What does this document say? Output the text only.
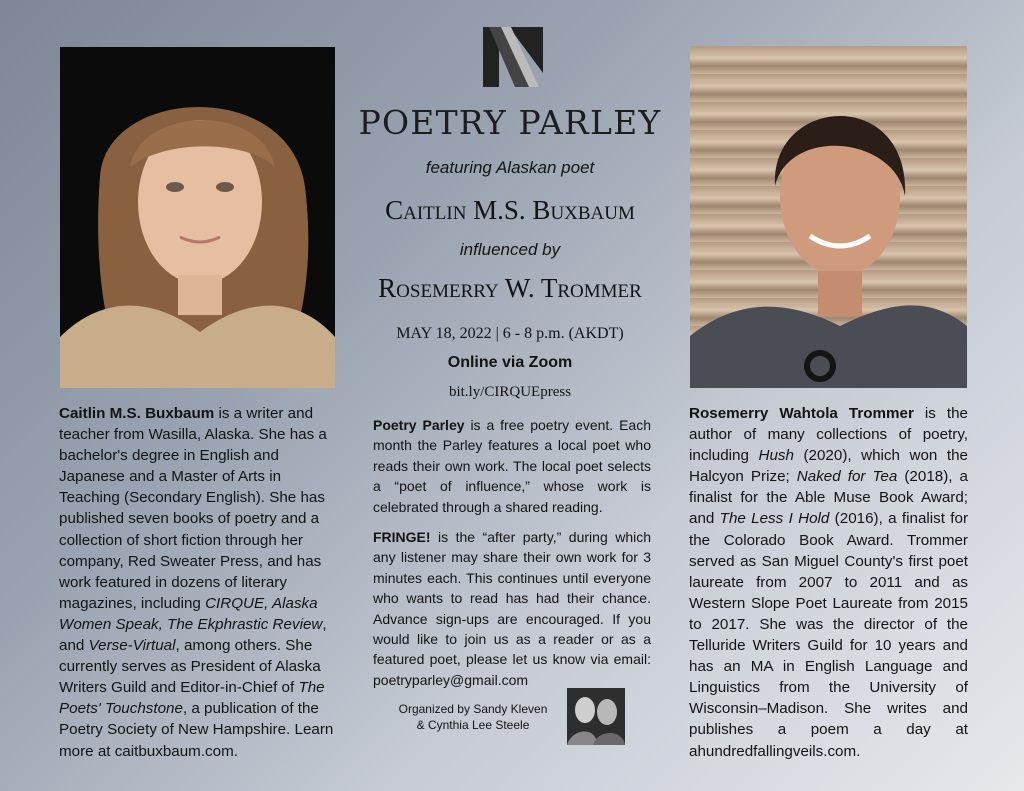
POETRY PARLEY
featuring Alaskan poet
Caitlin M.S. Buxbaum
influenced by
Rosemerry W. Trommer
MAY 18, 2022 | 6 - 8 p.m. (AKDT)
Online via Zoom
bit.ly/CIRQUEpress
Poetry Parley is a free poetry event. Each month the Parley features a local poet who reads their own work. The local poet selects a “poet of influence,” whose work is celebrated through a shared reading.
FRINGE! is the “after party,” during which any listener may share their own work for 3 minutes each. This continues until everyone who wants to read has had their chance. Advance sign-ups are encouraged. If you would like to join us as a reader or as a featured poet, please let us know via email: poetryparley@gmail.com
Organized by Sandy Kleven
& Cynthia Lee Steele
Caitlin M.S. Buxbaum is a writer and teacher from Wasilla, Alaska. She has a bachelor's degree in English and Japanese and a Master of Arts in Teaching (Secondary English). She has published seven books of poetry and a collection of short fiction through her company, Red Sweater Press, and has work featured in dozens of literary magazines, including CIRQUE, Alaska Women Speak, The Ekphrastic Review, and Verse-Virtual, among others. She currently serves as President of Alaska Writers Guild and Editor-in-Chief of The Poets' Touchstone, a publication of the Poetry Society of New Hampshire. Learn more at caitbuxbaum.com.
Rosemerry Wahtola Trommer is the author of many collections of poetry, including Hush (2020), which won the Halcyon Prize; Naked for Tea (2018), a finalist for the Able Muse Book Award; and The Less I Hold (2016), a finalist for the Colorado Book Award. Trommer served as San Miguel County's first poet laureate from 2007 to 2011 and as Western Slope Poet Laureate from 2015 to 2017. She was the director of the Telluride Writers Guild for 10 years and has an MA in English Language and Linguistics from the University of Wisconsin–Madison. She writes and publishes a poem a day at ahundredfallingveils.com.
